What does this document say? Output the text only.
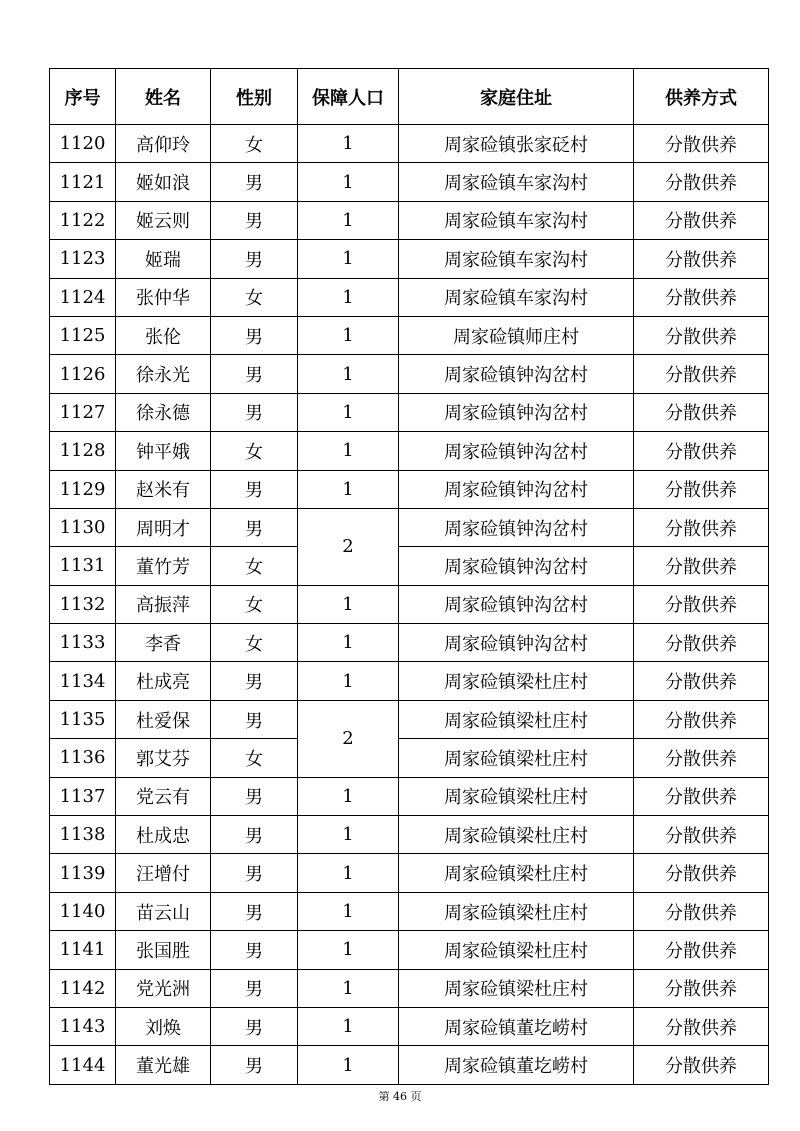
序号	姓名	性别	保障人口	家庭住址	供养方式
1120	高仰玲	女	1	周家硷镇张家砭村	分散供养
1121	姬如浪	男	1	周家硷镇车家沟村	分散供养
1122	姬云则	男	1	周家硷镇车家沟村	分散供养
1123	姬瑞	男	1	周家硷镇车家沟村	分散供养
1124	张仲华	女	1	周家硷镇车家沟村	分散供养
1125	张伦	男	1	周家硷镇师庄村	分散供养
1126	徐永光	男	1	周家硷镇钟沟岔村	分散供养
1127	徐永德	男	1	周家硷镇钟沟岔村	分散供养
1128	钟平娥	女	1	周家硷镇钟沟岔村	分散供养
1129	赵米有	男	1	周家硷镇钟沟岔村	分散供养
1130	周明才	男	2	周家硷镇钟沟岔村	分散供养
1131	董竹芳	女		周家硷镇钟沟岔村	分散供养
1132	高振萍	女	1	周家硷镇钟沟岔村	分散供养
1133	李香	女	1	周家硷镇钟沟岔村	分散供养
1134	杜成亮	男	1	周家硷镇梁杜庄村	分散供养
1135	杜爱保	男	2	周家硷镇梁杜庄村	分散供养
1136	郭艾芬	女		周家硷镇梁杜庄村	分散供养
1137	党云有	男	1	周家硷镇梁杜庄村	分散供养
1138	杜成忠	男	1	周家硷镇梁杜庄村	分散供养
1139	汪增付	男	1	周家硷镇梁杜庄村	分散供养
1140	苗云山	男	1	周家硷镇梁杜庄村	分散供养
1141	张国胜	男	1	周家硷镇梁杜庄村	分散供养
1142	党光洲	男	1	周家硷镇梁杜庄村	分散供养
1143	刘焕	男	1	周家硷镇董圪崂村	分散供养
1144	董光雄	男	1	周家硷镇董圪崂村	分散供养
第 46 页
